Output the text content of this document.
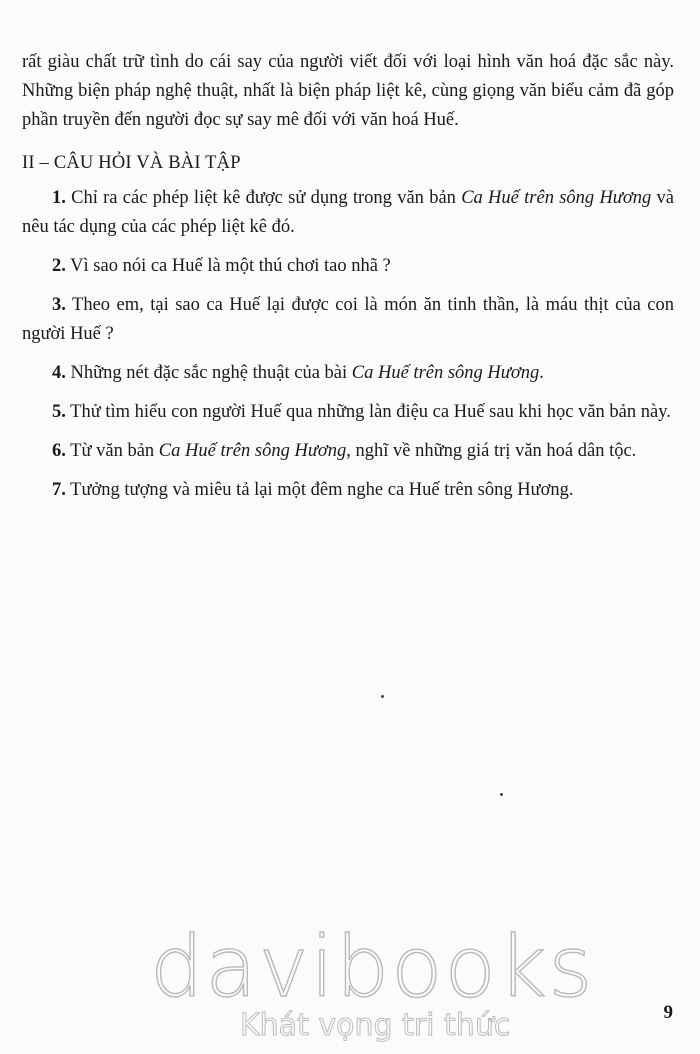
rất giàu chất trữ tình do cái say của người viết đối với loại hình văn hoá đặc sắc này. Những biện pháp nghệ thuật, nhất là biện pháp liệt kê, cùng giọng văn biểu cảm đã góp phần truyền đến người đọc sự say mê đối với văn hoá Huế.

II – CÂU HỎI VÀ BÀI TẬP

1. Chỉ ra các phép liệt kê được sử dụng trong văn bản Ca Huế trên sông Hương và nêu tác dụng của các phép liệt kê đó.

2. Vì sao nói ca Huế là một thú chơi tao nhã ?

3. Theo em, tại sao ca Huế lại được coi là món ăn tinh thần, là máu thịt của con người Huế ?

4. Những nét đặc sắc nghệ thuật của bài Ca Huế trên sông Hương.

5. Thử tìm hiểu con người Huế qua những làn điệu ca Huế sau khi học văn bản này.

6. Từ văn bản Ca Huế trên sông Hương, nghĩ về những giá trị văn hoá dân tộc.

7. Tưởng tượng và miêu tả lại một đêm nghe ca Huế trên sông Hương.

davibooks
Khát vọng tri thức	9
